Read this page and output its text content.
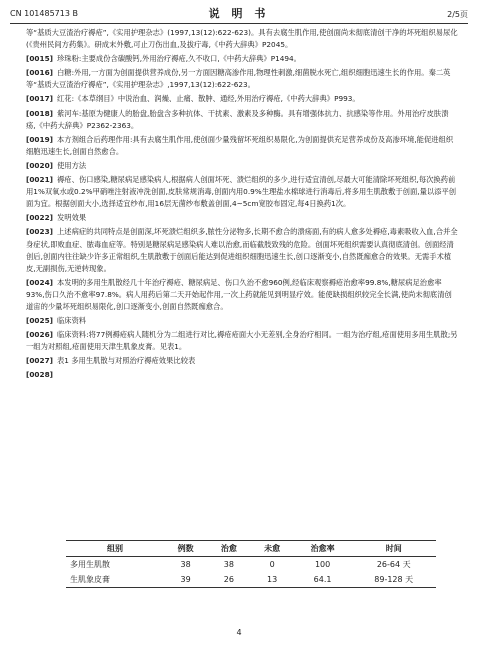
CN 101485713 B	说 明 书	2/5页

等“基质大豆渣治疗褥疮”,《实用护理杂志》(1997,13(12):622-623)。具有去腐生肌作用,使创面尚未彻底清创干净的坏死组织易尿化(《贵州民间方药集》。研成末外敷,可止刀伤出血,及拔疔毒,《中药大辞典》P2045。

[0015] 珍珠粉:主要成份含碳酸钙,外用治疗褥疮,久不收口,《中药大辞典》P1494。

[0016] 白糖:外用,一方面为创面提供营养成份,另一方面因糖高渗作用,物理性刺激,细菌脱水死亡,组织细胞迅速生长的作用。秦二英等“基质大豆渣治疗褥疮”,《实用护理杂志》,1997,13(12):622-623。

[0017] 红花:《本草纲目》中说治血、润燥、止痛、散肿、通经,外用治疗褥疮,《中药大辞典》P993。

[0018] 紫河车:基原为健康人的胎盘,胎盘含多种抗体、干扰素、激素及多种酶。具有增强体抗力、抗感染等作用。外用治疗皮肤溃疡,《中药大辞典》P2362-2363。

[0019] 本方剂组合后药理作用:具有去腐生肌作用,使创面少量残留坏死组织易限化,为创面提供充足营养成份及高渗环境,能促进组织细胞迅速生长,创面自然愈合。

[0020] 使用方法

[0021] 褥疮、伤口感染,糖尿病足感染病人,根据病人创面坏死、溃烂组织的多少,进行适宜清创,尽最大可能清除坏死组织,每次换药前用1%双氧水或0.2%甲硝唑注射液冲洗创面,皮肤常规消毒,创面内用0.9%生理盐水棉球进行消毒后,将多用生肌散敷于创面,量以添平创面为宜。根据创面大小,选择适宜纱布,用16层无菌纱布敷盖创面,4~5cm宽胶布固定,每4日换药1次。

[0022] 发明效果

[0023] 上述病症的共同特点是创面深,坏死溃烂组织多,脓性分泌物多,长期不愈合的溃疡面,有的病人愈多处褥疮,毒素吸收入血,合并全身症状,即败血症、脓毒血症等。特别是糖尿病足感染病人难以治愈,而临截肢致残的危险。创面坏死组织需要认真彻底清创。创面经清创后,创面内往往缺少许多正常组织,生肌散敷于创面后能达到促进组织细胞迅速生长,创口逐渐变小,自然既痂愈合的效果。无需手术植皮,无副损伤,无逆转现象。

[0024] 本发明的多用生肌散经几十年治疗褥疮、糖尿病足、伤口久治不愈960例,经临床观察褥疮治愈率99.8%,糖尿病足治愈率93%,伤口久治不愈率97.8%。病人用药后第二天开始起作用,一次上药就能见到明显疗效。能使缺损组织较完全长满,使尚未彻底清创道宙的少量坏死组织易限化,创口逐渐变小,创面自然既痂愈合。

[0025] 临床资料

[0026] 临床资料:将77例褥疮病人随机分为二组进行对比,褥疮疮面大小无差别,全身治疗相同。一组为治疗组,疮面使用多用生肌散;另一组为对照组,疮面使用天津生肌象皮膏。见表1。

[0027] 表1 多用生肌散与对照治疗褥疮效果比较表

[0028]

组别	例数	治愈	未愈	治愈率	时间
多用生肌散	38	38	0	100	26-64 天
生肌象皮膏	39	26	13	64.1	89-128 天
4
